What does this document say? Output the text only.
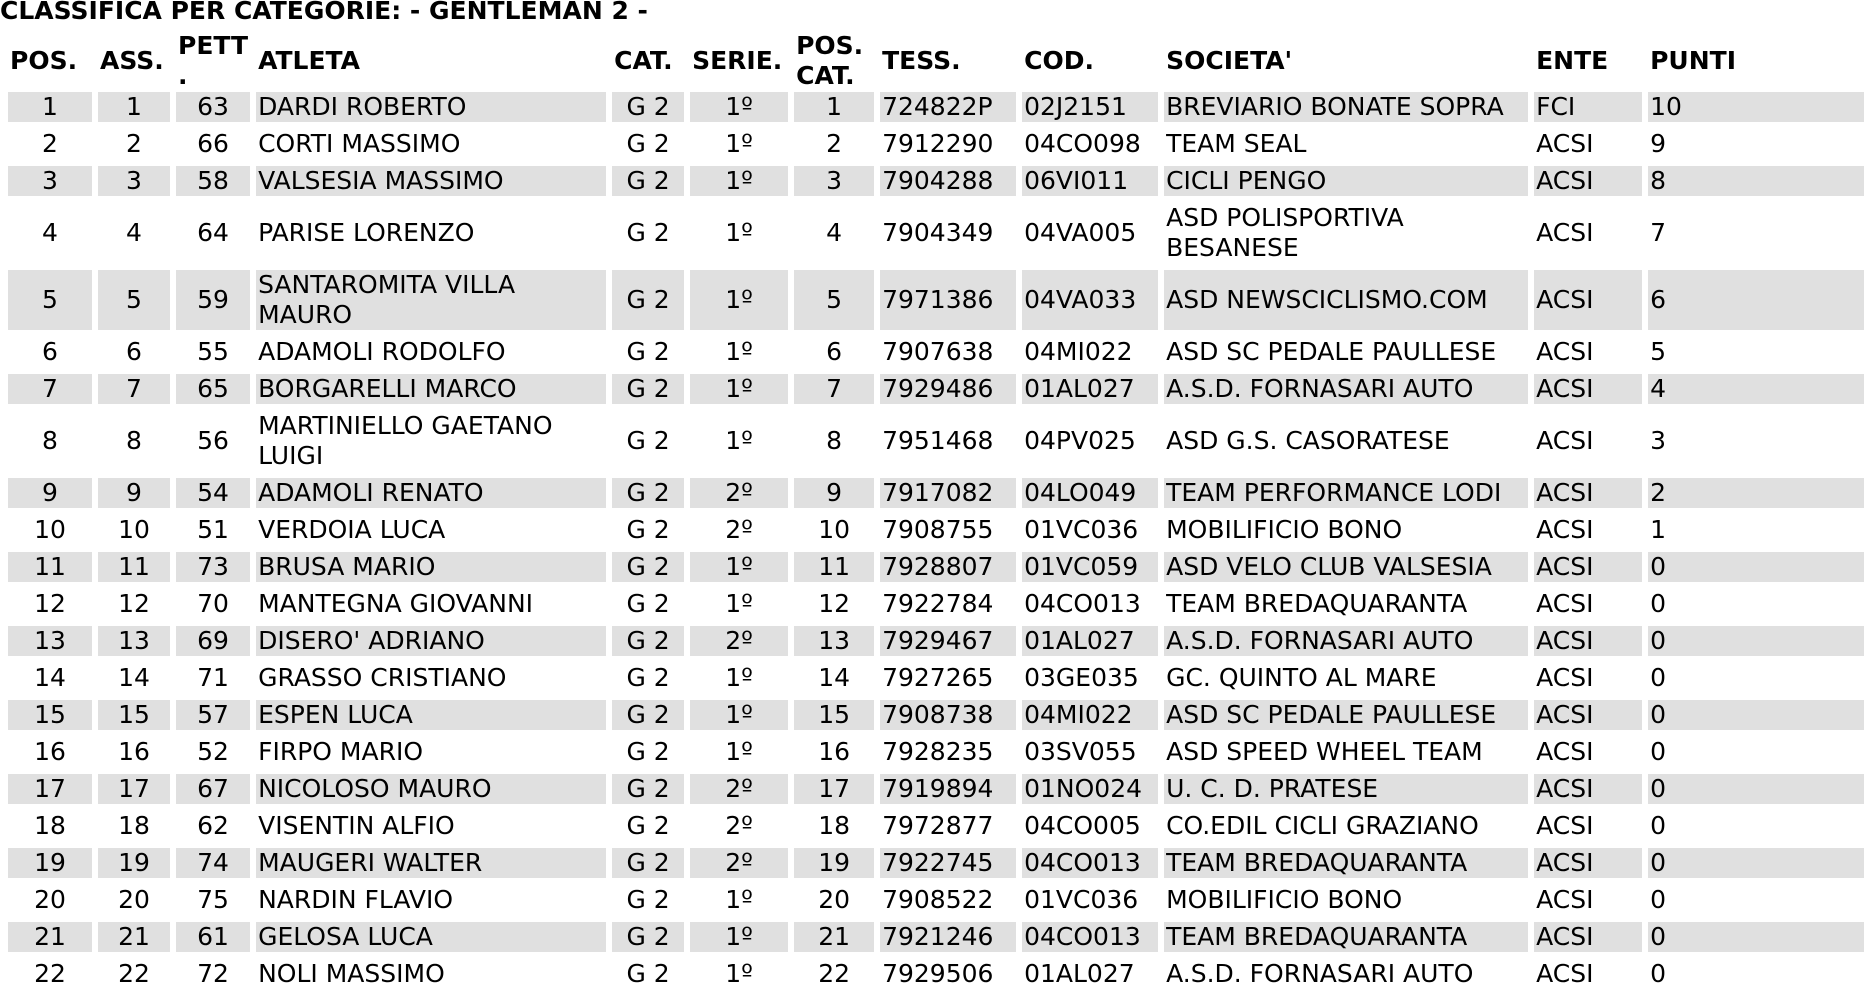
CLASSIFICA PER CATEGORIE: - GENTLEMAN 2 -
POS.	ASS.	PETT .	ATLETA	CAT.	SERIE.	POS. CAT.	TESS.	COD.	SOCIETA'	ENTE	PUNTI
1	1	63	DARDI ROBERTO	G 2	1º	1	724822P	02J2151	BREVIARIO BONATE SOPRA	FCI	10
2	2	66	CORTI MASSIMO	G 2	1º	2	7912290	04CO098	TEAM SEAL	ACSI	9
3	3	58	VALSESIA MASSIMO	G 2	1º	3	7904288	06VI011	CICLI PENGO	ACSI	8
4	4	64	PARISE LORENZO	G 2	1º	4	7904349	04VA005	ASD POLISPORTIVA BESANESE	ACSI	7
5	5	59	SANTAROMITA VILLA MAURO	G 2	1º	5	7971386	04VA033	ASD NEWSCICLISMO.COM	ACSI	6
6	6	55	ADAMOLI RODOLFO	G 2	1º	6	7907638	04MI022	ASD SC PEDALE PAULLESE	ACSI	5
7	7	65	BORGARELLI MARCO	G 2	1º	7	7929486	01AL027	A.S.D. FORNASARI AUTO	ACSI	4
8	8	56	MARTINIELLO GAETANO LUIGI	G 2	1º	8	7951468	04PV025	ASD G.S. CASORATESE	ACSI	3
9	9	54	ADAMOLI RENATO	G 2	2º	9	7917082	04LO049	TEAM PERFORMANCE LODI	ACSI	2
10	10	51	VERDOIA LUCA	G 2	2º	10	7908755	01VC036	MOBILIFICIO BONO	ACSI	1
11	11	73	BRUSA MARIO	G 2	1º	11	7928807	01VC059	ASD VELO CLUB VALSESIA	ACSI	0
12	12	70	MANTEGNA GIOVANNI	G 2	1º	12	7922784	04CO013	TEAM BREDAQUARANTA	ACSI	0
13	13	69	DISERO' ADRIANO	G 2	2º	13	7929467	01AL027	A.S.D. FORNASARI AUTO	ACSI	0
14	14	71	GRASSO CRISTIANO	G 2	1º	14	7927265	03GE035	GC. QUINTO AL MARE	ACSI	0
15	15	57	ESPEN LUCA	G 2	1º	15	7908738	04MI022	ASD SC PEDALE PAULLESE	ACSI	0
16	16	52	FIRPO MARIO	G 2	1º	16	7928235	03SV055	ASD SPEED WHEEL TEAM	ACSI	0
17	17	67	NICOLOSO MAURO	G 2	2º	17	7919894	01NO024	U. C. D. PRATESE	ACSI	0
18	18	62	VISENTIN ALFIO	G 2	2º	18	7972877	04CO005	CO.EDIL CICLI GRAZIANO	ACSI	0
19	19	74	MAUGERI WALTER	G 2	2º	19	7922745	04CO013	TEAM BREDAQUARANTA	ACSI	0
20	20	75	NARDIN FLAVIO	G 2	1º	20	7908522	01VC036	MOBILIFICIO BONO	ACSI	0
21	21	61	GELOSA LUCA	G 2	1º	21	7921246	04CO013	TEAM BREDAQUARANTA	ACSI	0
22	22	72	NOLI MASSIMO	G 2	1º	22	7929506	01AL027	A.S.D. FORNASARI AUTO	ACSI	0
